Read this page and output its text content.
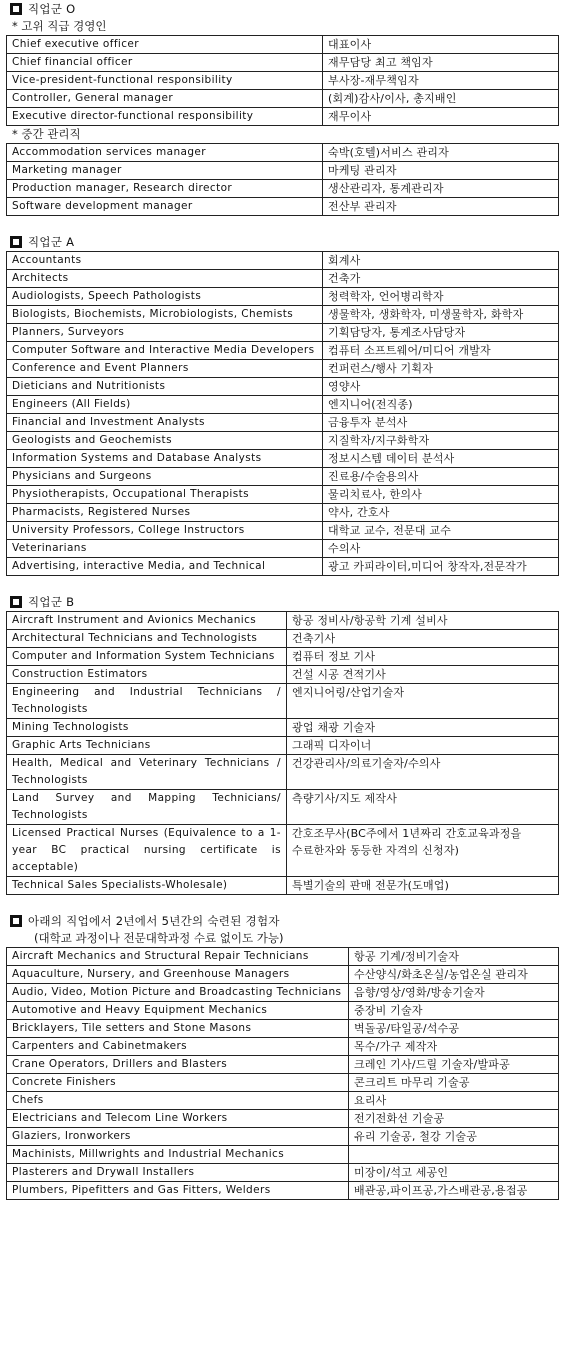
직업군 O
* 고위 직급 경영인
Chief executive officer	대표이사
Chief financial officer	재무담당 최고 책임자
Vice-president-functional responsibility	부사장-재무책임자
Controller, General manager	(회계)감사/이사, 총지배인
Executive director-functional responsibility	재무이사
* 중간 관리직
Accommodation services manager	숙박(호텔)서비스 관리자
Marketing manager	마케팅 관리자
Production manager, Research director	생산관리자, 통계관리자
Software development manager	전산부 관리자
직업군 A
Accountants	회계사
Architects	건축가
Audiologists, Speech Pathologists	청력학자, 언어병리학자
Biologists, Biochemists, Microbiologists, Chemists	생물학자, 생화학자, 미생물학자, 화학자
Planners, Surveyors	기획담당자, 통계조사담당자
Computer Software and Interactive Media Developers	컴퓨터 소프트웨어/미디어 개발자
Conference and Event Planners	컨퍼런스/행사 기획자
Dieticians and Nutritionists	영양사
Engineers (All Fields)	엔지니어(전직종)
Financial and Investment Analysts	금융투자 분석사
Geologists and Geochemists	지질학자/지구화학자
Information Systems and Database Analysts	정보시스템 데이터 분석사
Physicians and Surgeons	진료용/수술용의사
Physiotherapists, Occupational Therapists	물리치료사, 한의사
Pharmacists, Registered Nurses	약사, 간호사
University Professors, College Instructors	대학교 교수, 전문대 교수
Veterinarians	수의사
Advertising, interactive Media, and Technical	광고 카피라이터,미디어 창작자,전문작가
직업군 B
Aircraft Instrument and Avionics Mechanics	항공 정비사/항공학 기계 설비사
Architectural Technicians and Technologists	건축기사
Computer and Information System Technicians	컴퓨터 정보 기사
Construction Estimators	건설 시공 견적기사
Engineering and Industrial Technicians / Technologists	엔지니어링/산업기술자
Mining Technologists	광업 채광 기술자
Graphic Arts Technicians	그래픽 디자이너
Health, Medical and Veterinary Technicians / Technologists	건강관리사/의료기술자/수의사
Land Survey and Mapping Technicians/ Technologists	측량기사/지도 제작사
Licensed Practical Nurses (Equivalence to a 1-year BC practical nursing certificate is acceptable)	간호조무사(BC주에서 1년짜리 간호교육과정을 수료한자와 동등한 자격의 신청자)
Technical Sales Specialists-Wholesale)	특별기술의 판매 전문가(도매업)
아래의 직업에서 2년에서 5년간의 숙련된 경험자
(대학교 과정이나 전문대학과정 수료 없이도 가능)
Aircraft Mechanics and Structural Repair Technicians	항공 기계/정비기술자
Aquaculture, Nursery, and Greenhouse Managers	수산양식/화초온실/농업온실 관리자
Audio, Video, Motion Picture and Broadcasting Technicians	음향/영상/영화/방송기술자
Automotive and Heavy Equipment Mechanics	중장비 기술자
Bricklayers, Tile setters and Stone Masons	벽돌공/타일공/석수공
Carpenters and Cabinetmakers	목수/가구 제작자
Crane Operators, Drillers and Blasters	크레인 기사/드릴 기술자/발파공
Concrete Finishers	콘크리트 마무리 기술공
Chefs	요리사
Electricians and Telecom Line Workers	전기전화선 기술공
Glaziers, Ironworkers	유리 기술공, 철강 기술공
Machinists, Millwrights and Industrial Mechanics	
Plasterers and Drywall Installers	미장이/석고 세공인
Plumbers, Pipefitters and Gas Fitters, Welders	배관공,파이프공,가스배관공,용접공
